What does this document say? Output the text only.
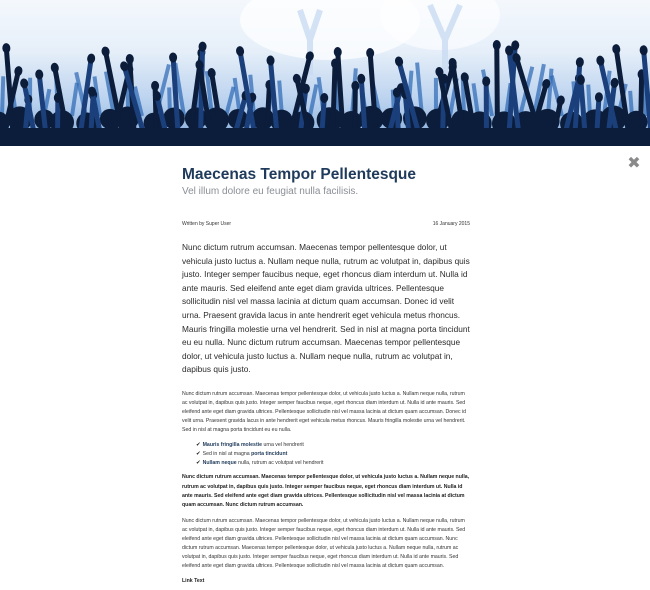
✖
Maecenas Tempor Pellentesque
Vel illum dolore eu feugiat nulla facilisis.
Written by Super User	16 January 2015

Nunc dictum rutrum accumsan. Maecenas tempor pellentesque dolor, ut vehicula justo luctus a. Nullam neque nulla, rutrum ac volutpat in, dapibus quis justo. Integer semper faucibus neque, eget rhoncus diam interdum ut. Nulla id ante mauris. Sed eleifend ante eget diam gravida ultrices. Pellentesque sollicitudin nisl vel massa lacinia at dictum quam accumsan. Donec id velit urna. Praesent gravida lacus in ante hendrerit eget vehicula metus rhoncus. Mauris fringilla molestie urna vel hendrerit. Sed in nisl at magna porta tincidunt eu eu nulla. Nunc dictum rutrum accumsan. Maecenas tempor pellentesque dolor, ut vehicula justo luctus a. Nullam neque nulla, rutrum ac volutpat in, dapibus quis justo.

Nunc dictum rutrum accumsan. Maecenas tempor pellentesque dolor, ut vehicula justo luctus a. Nullam neque nulla, rutrum ac volutpat in, dapibus quis justo. Integer semper faucibus neque, eget rhoncus diam interdum ut. Nulla id ante mauris. Sed eleifend ante eget diam gravida ultrices. Pellentesque sollicitudin nisl vel massa lacinia at dictum quam accumsan. Donec id velit urna. Praesent gravida lacus in ante hendrerit eget vehicula metus rhoncus. Mauris fringilla molestie urna vel hendrerit. Sed in nisl at magna porta tincidunt eu eu nulla.

✔ Mauris fringilla molestie urna vel hendrerit
✔ Sed in nisl at magna porta tincidunt
✔ Nullam neque nulla, rutrum ac volutpat vel hendrerit

Nunc dictum rutrum accumsan. Maecenas tempor pellentesque dolor, ut vehicula justo luctus a. Nullam neque nulla, rutrum ac volutpat in, dapibus quis justo. Integer semper faucibus neque, eget rhoncus diam interdum ut. Nulla id ante mauris. Sed eleifend ante eget diam gravida ultrices. Pellentesque sollicitudin nisl vel massa lacinia at dictum quam accumsan. Nunc dictum rutrum accumsan.

Nunc dictum rutrum accumsan. Maecenas tempor pellentesque dolor, ut vehicula justo luctus a. Nullam neque nulla, rutrum ac volutpat in, dapibus quis justo. Integer semper faucibus neque, eget rhoncus diam interdum ut. Nulla id ante mauris. Sed eleifend ante eget diam gravida ultrices. Pellentesque sollicitudin nisl vel massa lacinia at dictum quam accumsan. Nunc dictum rutrum accumsan. Maecenas tempor pellentesque dolor, ut vehicula justo luctus a. Nullam neque nulla, rutrum ac volutpat in, dapibus quis justo. Integer semper faucibus neque, eget rhoncus diam interdum ut. Nulla id ante mauris. Sed eleifend ante eget diam gravida ultrices. Pellentesque sollicitudin nisl vel massa lacinia at dictum quam accumsan.

Link Text
